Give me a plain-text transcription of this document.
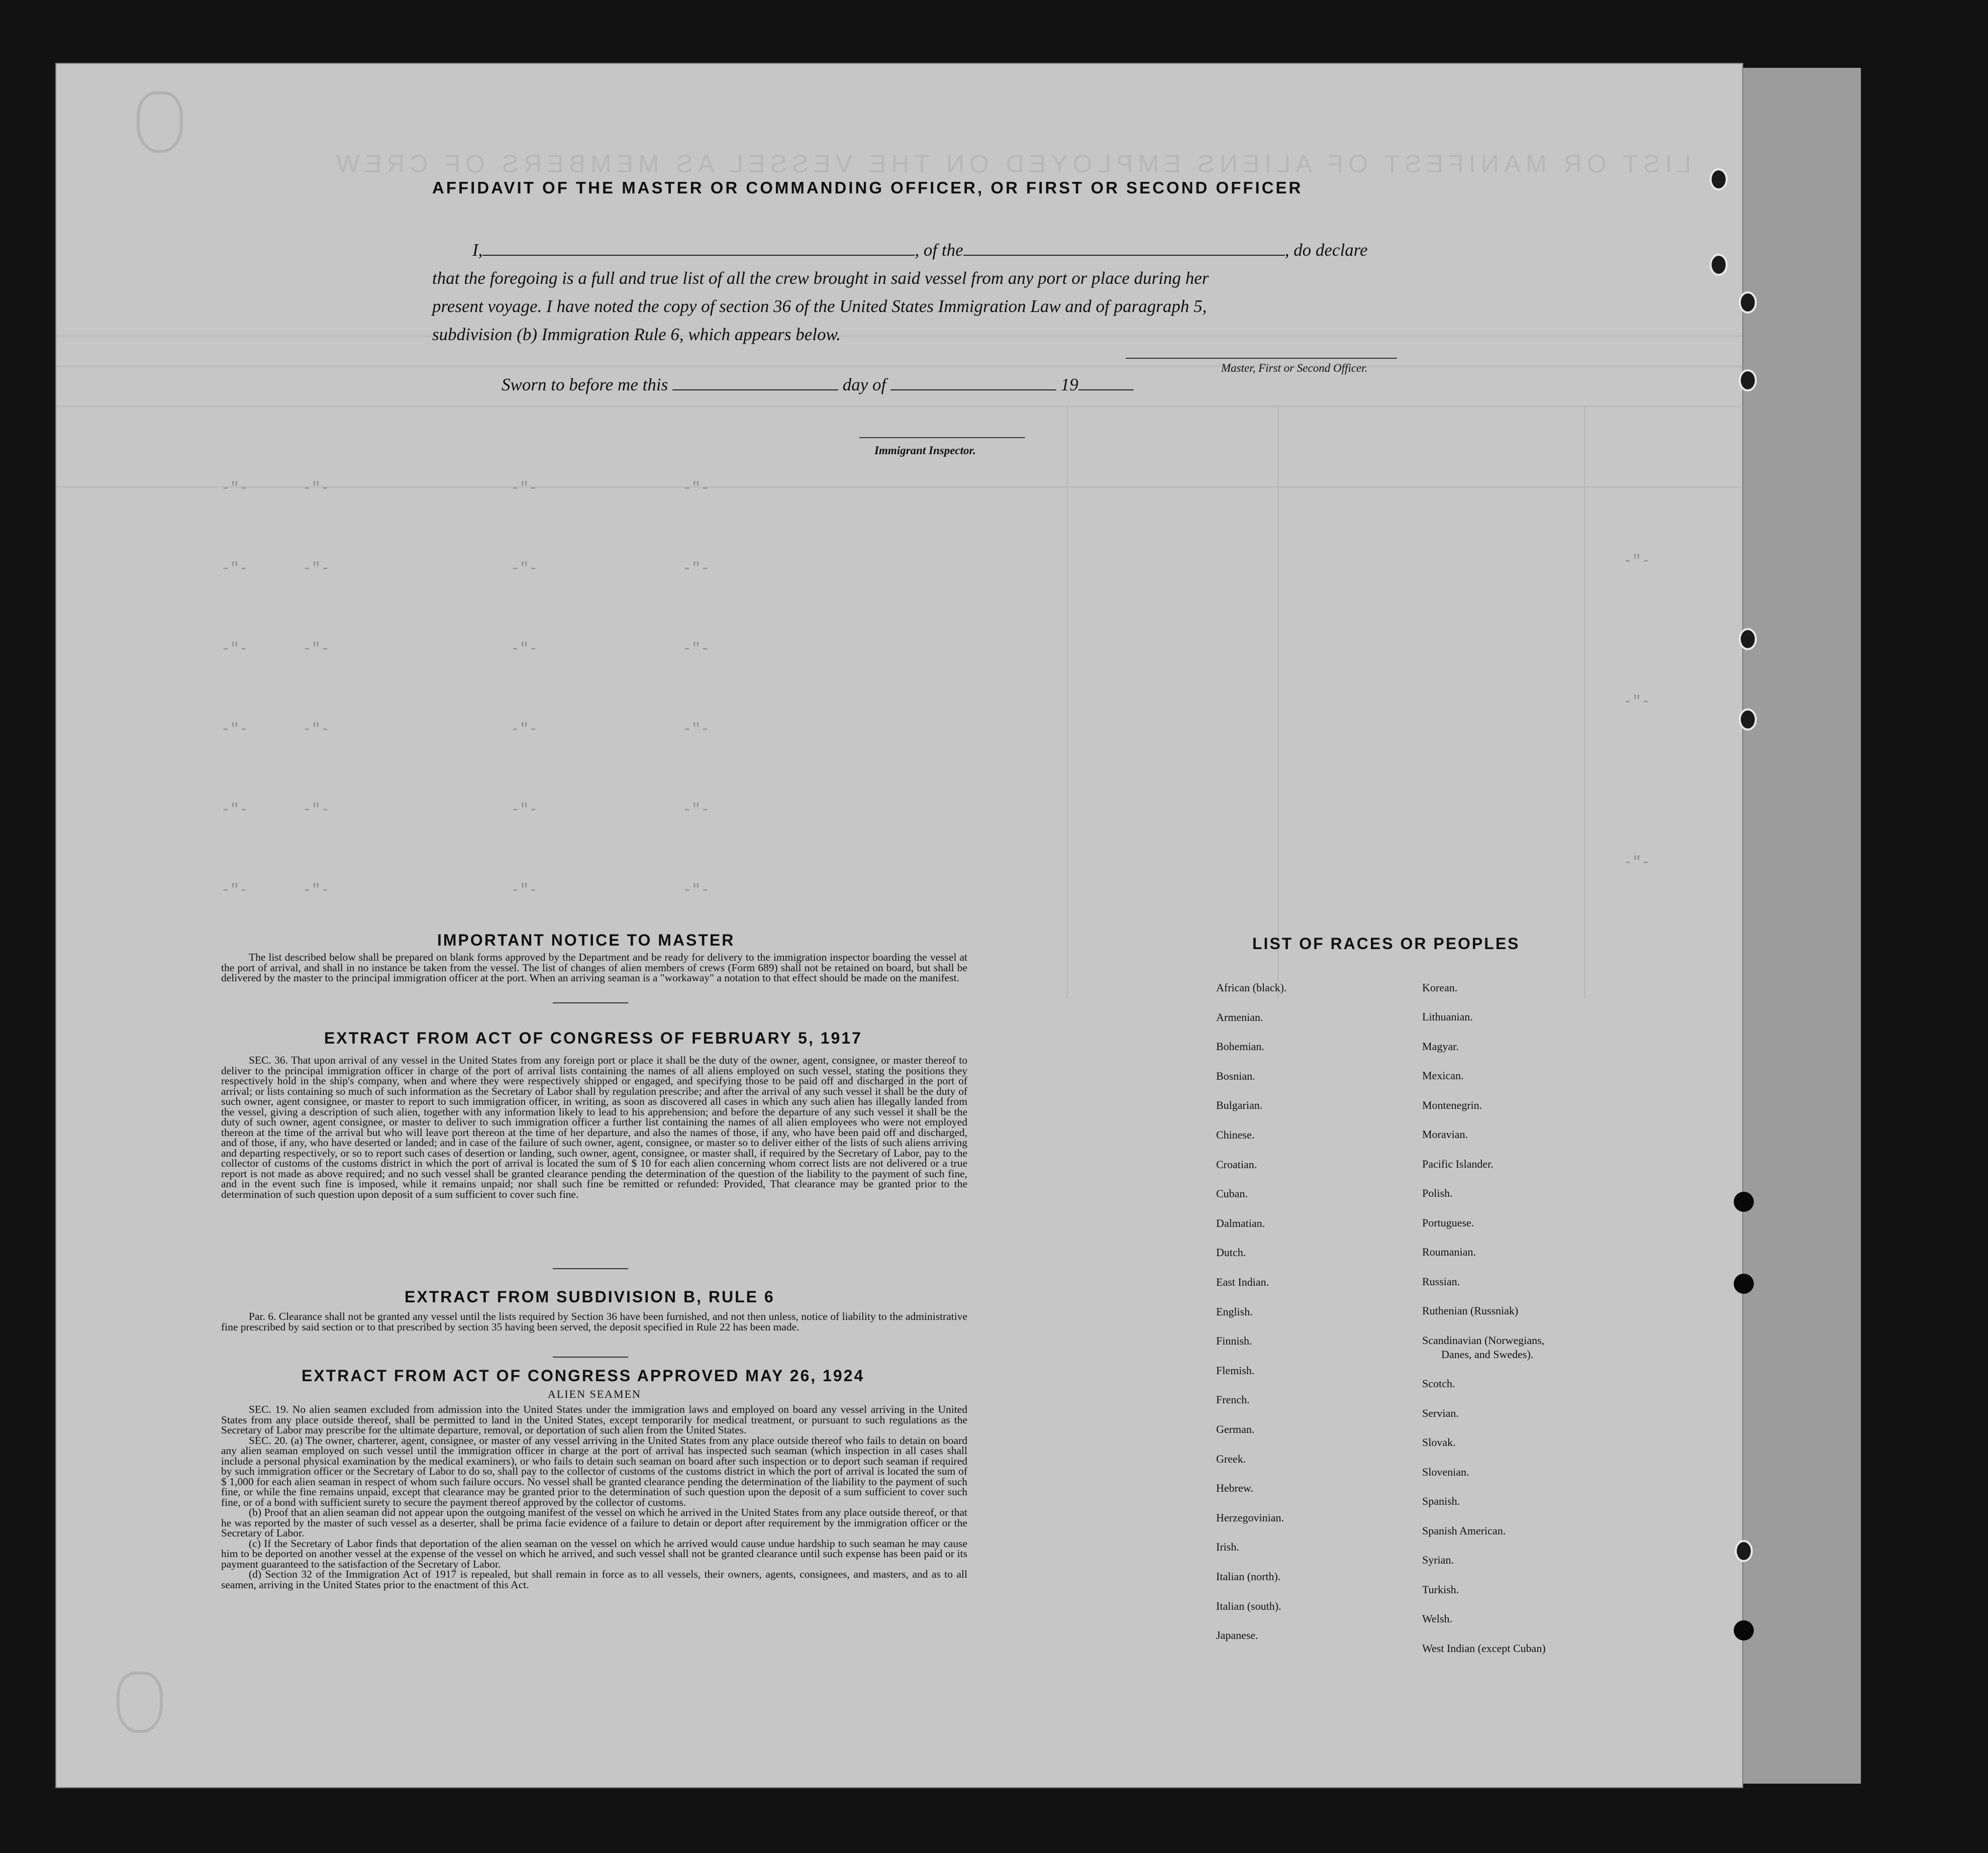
LIST OR MANIFEST OF ALIENS EMPLOYED ON THE VESSEL AS MEMBERS OF CREW
AFFIDAVIT OF THE MASTER OR COMMANDING OFFICER, OR FIRST OR SECOND OFFICER
I,	, of the	, do declare
that the foregoing is a full and true list of all the crew brought in said vessel from any port or place during her
present voyage. I have noted the copy of section 36 of the United States Immigration Law and of paragraph 5,
subdivision (b) Immigration Rule 6, which appears below.
Master, First or Second Officer.
Sworn to before me this	day of	19
Immigrant Inspector.
-"-      -"-                    -"-                -"-
-"-      -"-                    -"-                -"-
-"-      -"-                    -"-                -"-
-"-      -"-                    -"-                -"-
-"-      -"-                    -"-                -"-
-"-      -"-                    -"-                -"-
-"-
-"-
-"-
IMPORTANT NOTICE TO MASTER

The list described below shall be prepared on blank forms approved by the Department and be ready for delivery to the immigration inspector boarding the vessel at the port of arrival, and shall in no instance be taken from the vessel. The list of changes of alien members of crews (Form 689) shall not be retained on board, but shall be delivered by the master to the principal immigration officer at the port. When an arriving seaman is a "workaway" a notation to that effect should be made on the manifest.

EXTRACT FROM ACT OF CONGRESS OF FEBRUARY 5, 1917

SEC. 36. That upon arrival of any vessel in the United States from any foreign port or place it shall be the duty of the owner, agent, consignee, or master thereof to deliver to the principal immigration officer in charge of the port of arrival lists containing the names of all aliens employed on such vessel, stating the positions they respectively hold in the ship's company, when and where they were respectively shipped or engaged, and specifying those to be paid off and discharged in the port of arrival; or lists containing so much of such information as the Secretary of Labor shall by regulation prescribe; and after the arrival of any such vessel it shall be the duty of such owner, agent consignee, or master to report to such immigration officer, in writing, as soon as discovered all cases in which any such alien has illegally landed from the vessel, giving a description of such alien, together with any information likely to lead to his apprehension; and before the departure of any such vessel it shall be the duty of such owner, agent consignee, or master to deliver to such immigration officer a further list containing the names of all alien employees who were not employed thereon at the time of the arrival but who will leave port thereon at the time of her departure, and also the names of those, if any, who have been paid off and discharged, and of those, if any, who have deserted or landed; and in case of the failure of such owner, agent, consignee, or master so to deliver either of the lists of such aliens arriving and departing respectively, or so to report such cases of desertion or landing, such owner, agent, consignee, or master shall, if required by the Secretary of Labor, pay to the collector of customs of the customs district in which the port of arrival is located the sum of $ 10 for each alien concerning whom correct lists are not delivered or a true report is not made as above required; and no such vessel shall be granted clearance pending the determination of the question of the liability to the payment of such fine, and in the event such fine is imposed, while it remains unpaid; nor shall such fine be remitted or refunded: Provided, That clearance may be granted prior to the determination of such question upon deposit of a sum sufficient to cover such fine.

EXTRACT FROM SUBDIVISION B, RULE 6

Par. 6. Clearance shall not be granted any vessel until the lists required by Section 36 have been furnished, and not then unless, notice of liability to the administrative fine prescribed by said section or to that prescribed by section 35 having been served, the deposit specified in Rule 22 has been made.

EXTRACT FROM ACT OF CONGRESS APPROVED MAY 26, 1924
ALIEN SEAMEN

SEC. 19. No alien seamen excluded from admission into the United States under the immigration laws and employed on board any vessel arriving in the United States from any place outside thereof, shall be permitted to land in the United States, except temporarily for medical treatment, or pursuant to such regulations as the Secretary of Labor may prescribe for the ultimate departure, removal, or deportation of such alien from the United States.

SEC. 20. (a) The owner, charterer, agent, consignee, or master of any vessel arriving in the United States from any place outside thereof who fails to detain on board any alien seaman employed on such vessel until the immigration officer in charge at the port of arrival has inspected such seaman (which inspection in all cases shall include a personal physical examination by the medical examiners), or who fails to detain such seaman on board after such inspection or to deport such seaman if required by such immigration officer or the Secretary of Labor to do so, shall pay to the collector of customs of the customs district in which the port of arrival is located the sum of $ 1,000 for each alien seaman in respect of whom such failure occurs. No vessel shall be granted clearance pending the determination of the liability to the payment of such fine, or while the fine remains unpaid, except that clearance may be granted prior to the determination of such question upon the deposit of a sum sufficient to cover such fine, or of a bond with sufficient surety to secure the payment thereof approved by the collector of customs.

(b) Proof that an alien seaman did not appear upon the outgoing manifest of the vessel on which he arrived in the United States from any place outside thereof, or that he was reported by the master of such vessel as a deserter, shall be prima facie evidence of a failure to detain or deport after requirement by the immigration officer or the Secretary of Labor.

(c) If the Secretary of Labor finds that deportation of the alien seaman on the vessel on which he arrived would cause undue hardship to such seaman he may cause him to be deported on another vessel at the expense of the vessel on which he arrived, and such vessel shall not be granted clearance until such expense has been paid or its payment guaranteed to the satisfaction of the Secretary of Labor.

(d) Section 32 of the Immigration Act of 1917 is repealed, but shall remain in force as to all vessels, their owners, agents, consignees, and masters, and as to all seamen, arriving in the United States prior to the enactment of this Act.

LIST OF RACES OR PEOPLES
African (black).
Armenian.
Bohemian.
Bosnian.
Bulgarian.
Chinese.
Croatian.
Cuban.
Dalmatian.
Dutch.
East Indian.
English.
Finnish.
Flemish.
French.
German.
Greek.
Hebrew.
Herzegovinian.
Irish.
Italian (north).
Italian (south).
Japanese.
Korean.
Lithuanian.
Magyar.
Mexican.
Montenegrin.
Moravian.
Pacific Islander.
Polish.
Portuguese.
Roumanian.
Russian.
Ruthenian (Russniak)
Scandinavian (Norwegians,
Danes, and Swedes).
Scotch.
Servian.
Slovak.
Slovenian.
Spanish.
Spanish American.
Syrian.
Turkish.
Welsh.
West Indian (except Cuban)
